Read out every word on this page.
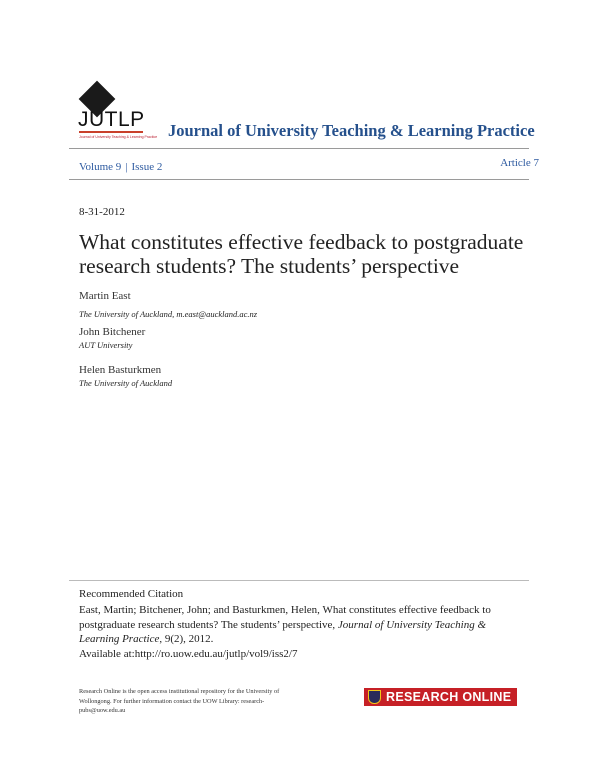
JUTLP
Journal of University Teaching & Learning Practice Journal of University Teaching & Learning Practice
Volume 9 | Issue 2	Article 7
8-31-2012
What constitutes effective feedback to postgraduate research students? The students’ perspective
Martin East
The University of Auckland, m.east@auckland.ac.nz
John Bitchener
AUT University
Helen Basturkmen
The University of Auckland
Recommended Citation
East, Martin; Bitchener, John; and Basturkmen, Helen, What constitutes effective feedback to postgraduate research students? The students’ perspective, Journal of University Teaching & Learning Practice, 9(2), 2012.
Available at:http://ro.uow.edu.au/jutlp/vol9/iss2/7
Research Online is the open access institutional repository for the University of Wollongong. For further information contact the UOW Library: research-pubs@uow.edu.au
RESEARCH ONLINE
